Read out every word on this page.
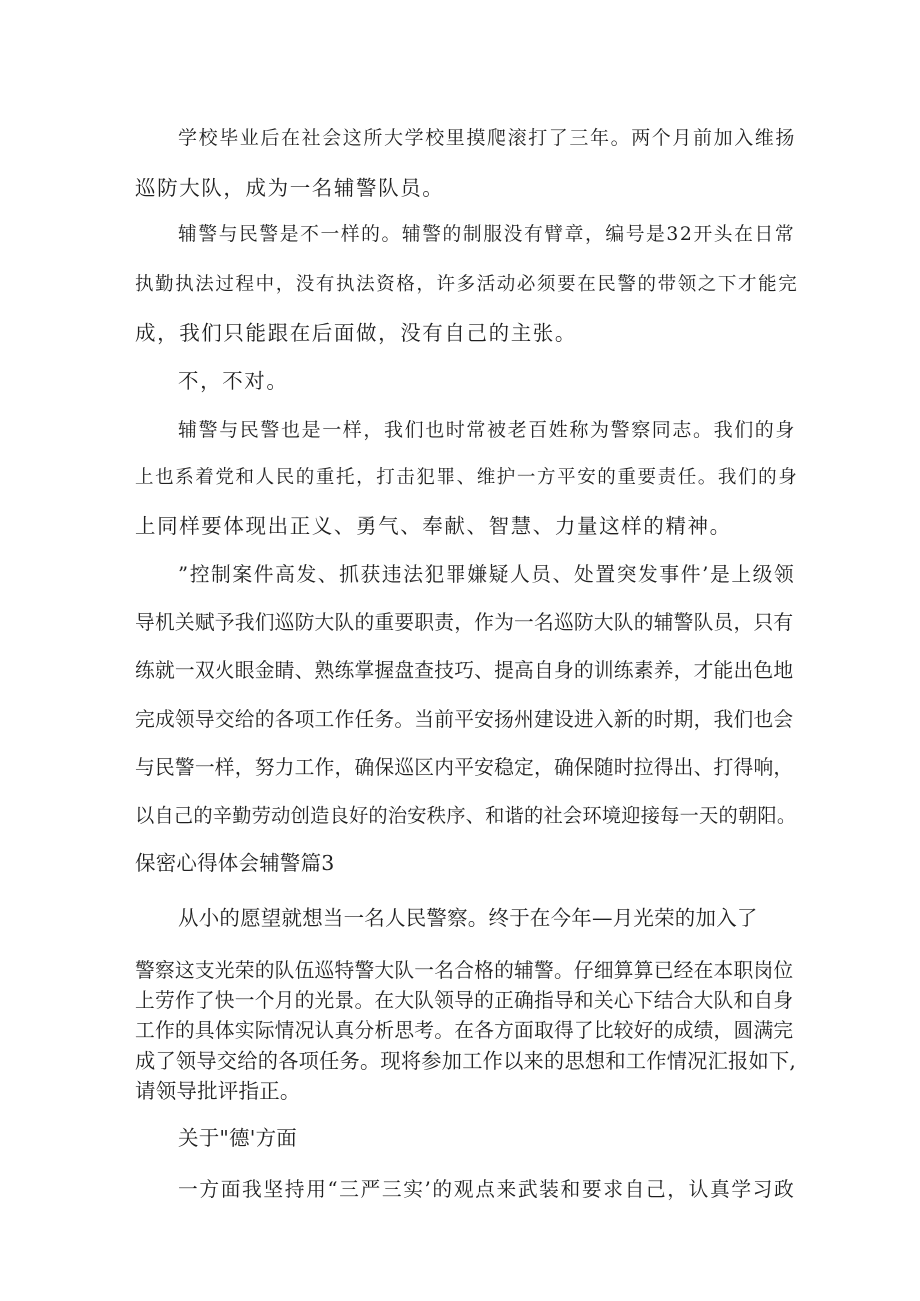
学校毕业后在社会这所大学校里摸爬滚打了三年。两个月前加入维扬
巡防大队，成为一名辅警队员。
辅警与民警是不一样的。辅警的制服没有臂章，编号是32开头在日常
执勤执法过程中，没有执法资格，许多活动必须要在民警的带领之下才能完
成，我们只能跟在后面做，没有自己的主张。
不，不对。
辅警与民警也是一样，我们也时常被老百姓称为警察同志。我们的身
上也系着党和人民的重托，打击犯罪、维护一方平安的重要责任。我们的身
上同样要体现出正义、勇气、奉献、智慧、力量这样的精神。
”控制案件高发、抓获违法犯罪嫌疑人员、处置突发事件’是上级领
导机关赋予我们巡防大队的重要职责，作为一名巡防大队的辅警队员，只有
练就一双火眼金睛、熟练掌握盘查技巧、提高自身的训练素养，才能出色地
完成领导交给的各项工作任务。当前平安扬州建设进入新的时期，我们也会
与民警一样，努力工作，确保巡区内平安稳定，确保随时拉得出、打得响，
以自己的辛勤劳动创造良好的治安秩序、和谐的社会环境迎接每一天的朝阳。
保密心得体会辅警篇3
从小的愿望就想当一名人民警察。终于在今年—月光荣的加入了
警察这支光荣的队伍巡特警大队一名合格的辅警。仔细算算已经在本职岗位
上劳作了快一个月的光景。在大队领导的正确指导和关心下结合大队和自身
工作的具体实际情况认真分析思考。在各方面取得了比较好的成绩，圆满完
成了领导交给的各项任务。现将参加工作以来的思想和工作情况汇报如下,
请领导批评指正。
关于"德'方面
一方面我坚持用“三严三实’的观点来武装和要求自己，认真学习政
